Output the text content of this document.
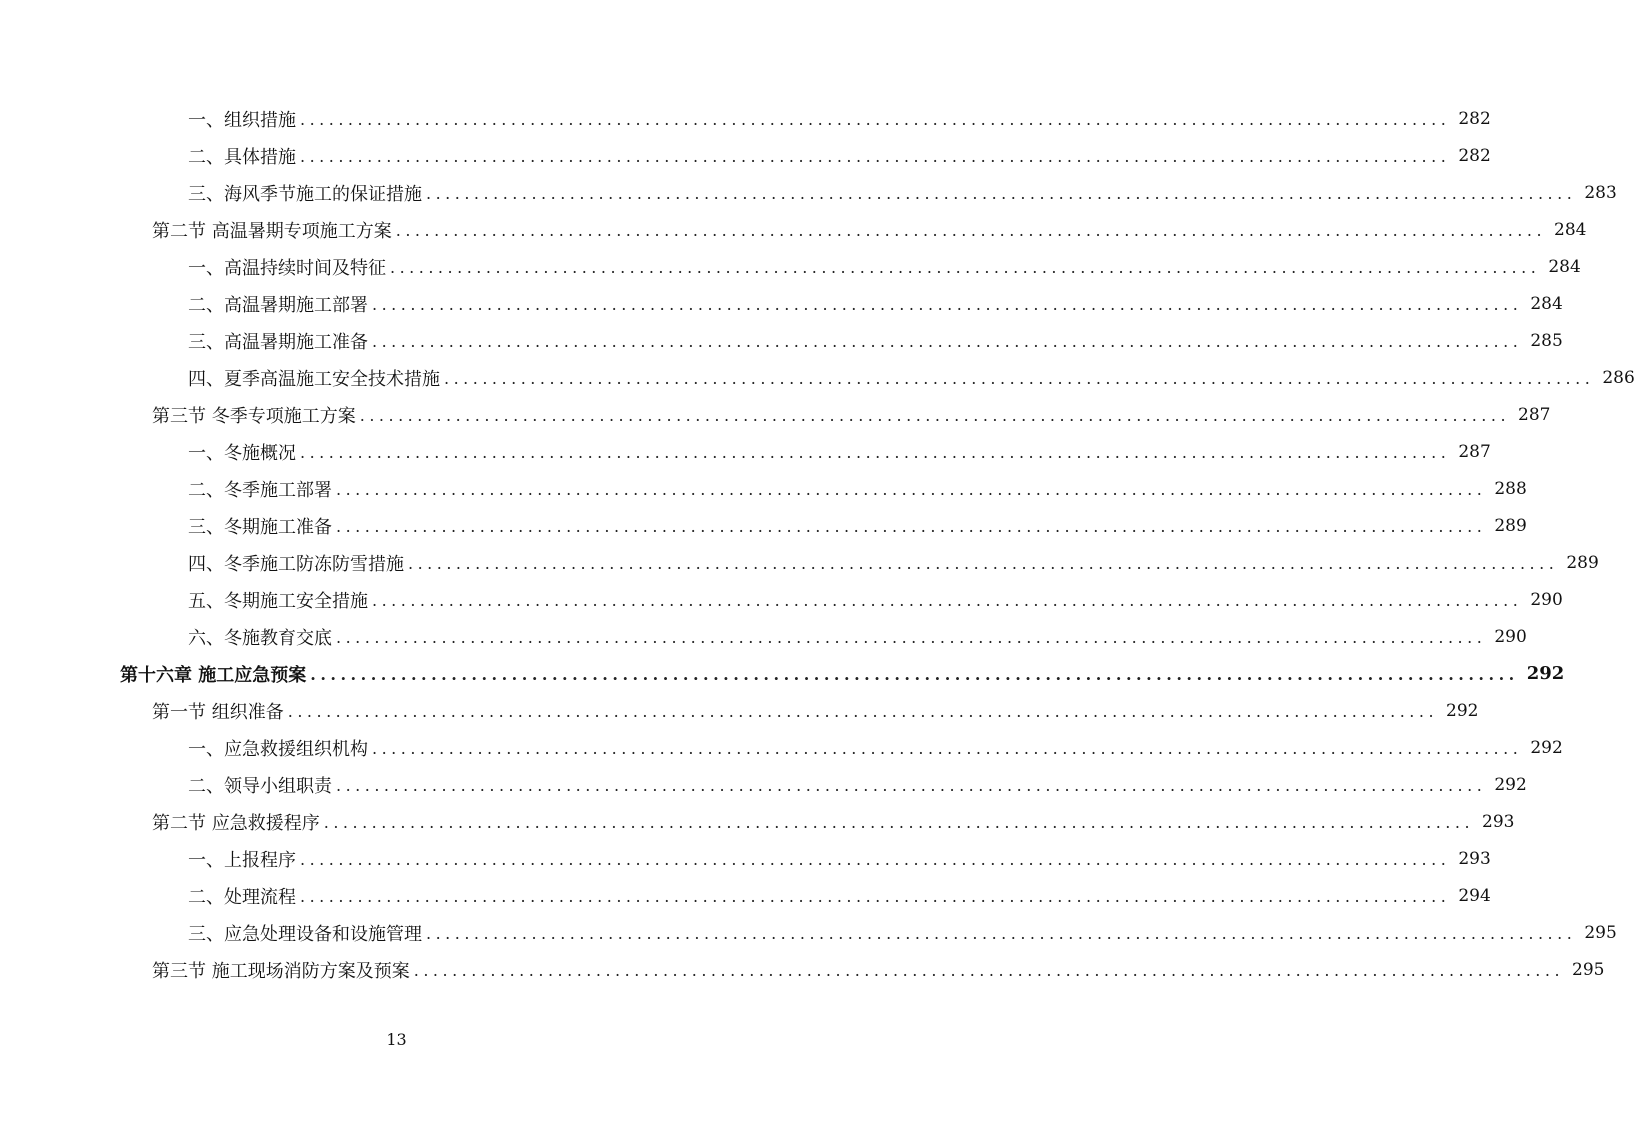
一、组织措施 ........................................................................................................................ 282
二、具体措施 ........................................................................................................................ 282
三、海风季节施工的保证措施 ........................................................................................................................ 283
第二节 高温暑期专项施工方案 ........................................................................................................................ 284
一、高温持续时间及特征 ........................................................................................................................ 284
二、高温暑期施工部署 ........................................................................................................................ 284
三、高温暑期施工准备 ........................................................................................................................ 285
四、夏季高温施工安全技术措施 ........................................................................................................................ 286
第三节 冬季专项施工方案 ........................................................................................................................ 287
一、冬施概况 ........................................................................................................................ 287
二、冬季施工部署 ........................................................................................................................ 288
三、冬期施工准备 ........................................................................................................................ 289
四、冬季施工防冻防雪措施 ........................................................................................................................ 289
五、冬期施工安全措施 ........................................................................................................................ 290
六、冬施教育交底 ........................................................................................................................ 290
第十六章 施工应急预案 ........................................................................................................................ 292
第一节 组织准备 ........................................................................................................................ 292
一、应急救援组织机构 ........................................................................................................................ 292
二、领导小组职责 ........................................................................................................................ 292
第二节 应急救援程序 ........................................................................................................................ 293
一、上报程序 ........................................................................................................................ 293
二、处理流程 ........................................................................................................................ 294
三、应急处理设备和设施管理 ........................................................................................................................ 295
第三节 施工现场消防方案及预案 ........................................................................................................................ 295
13
